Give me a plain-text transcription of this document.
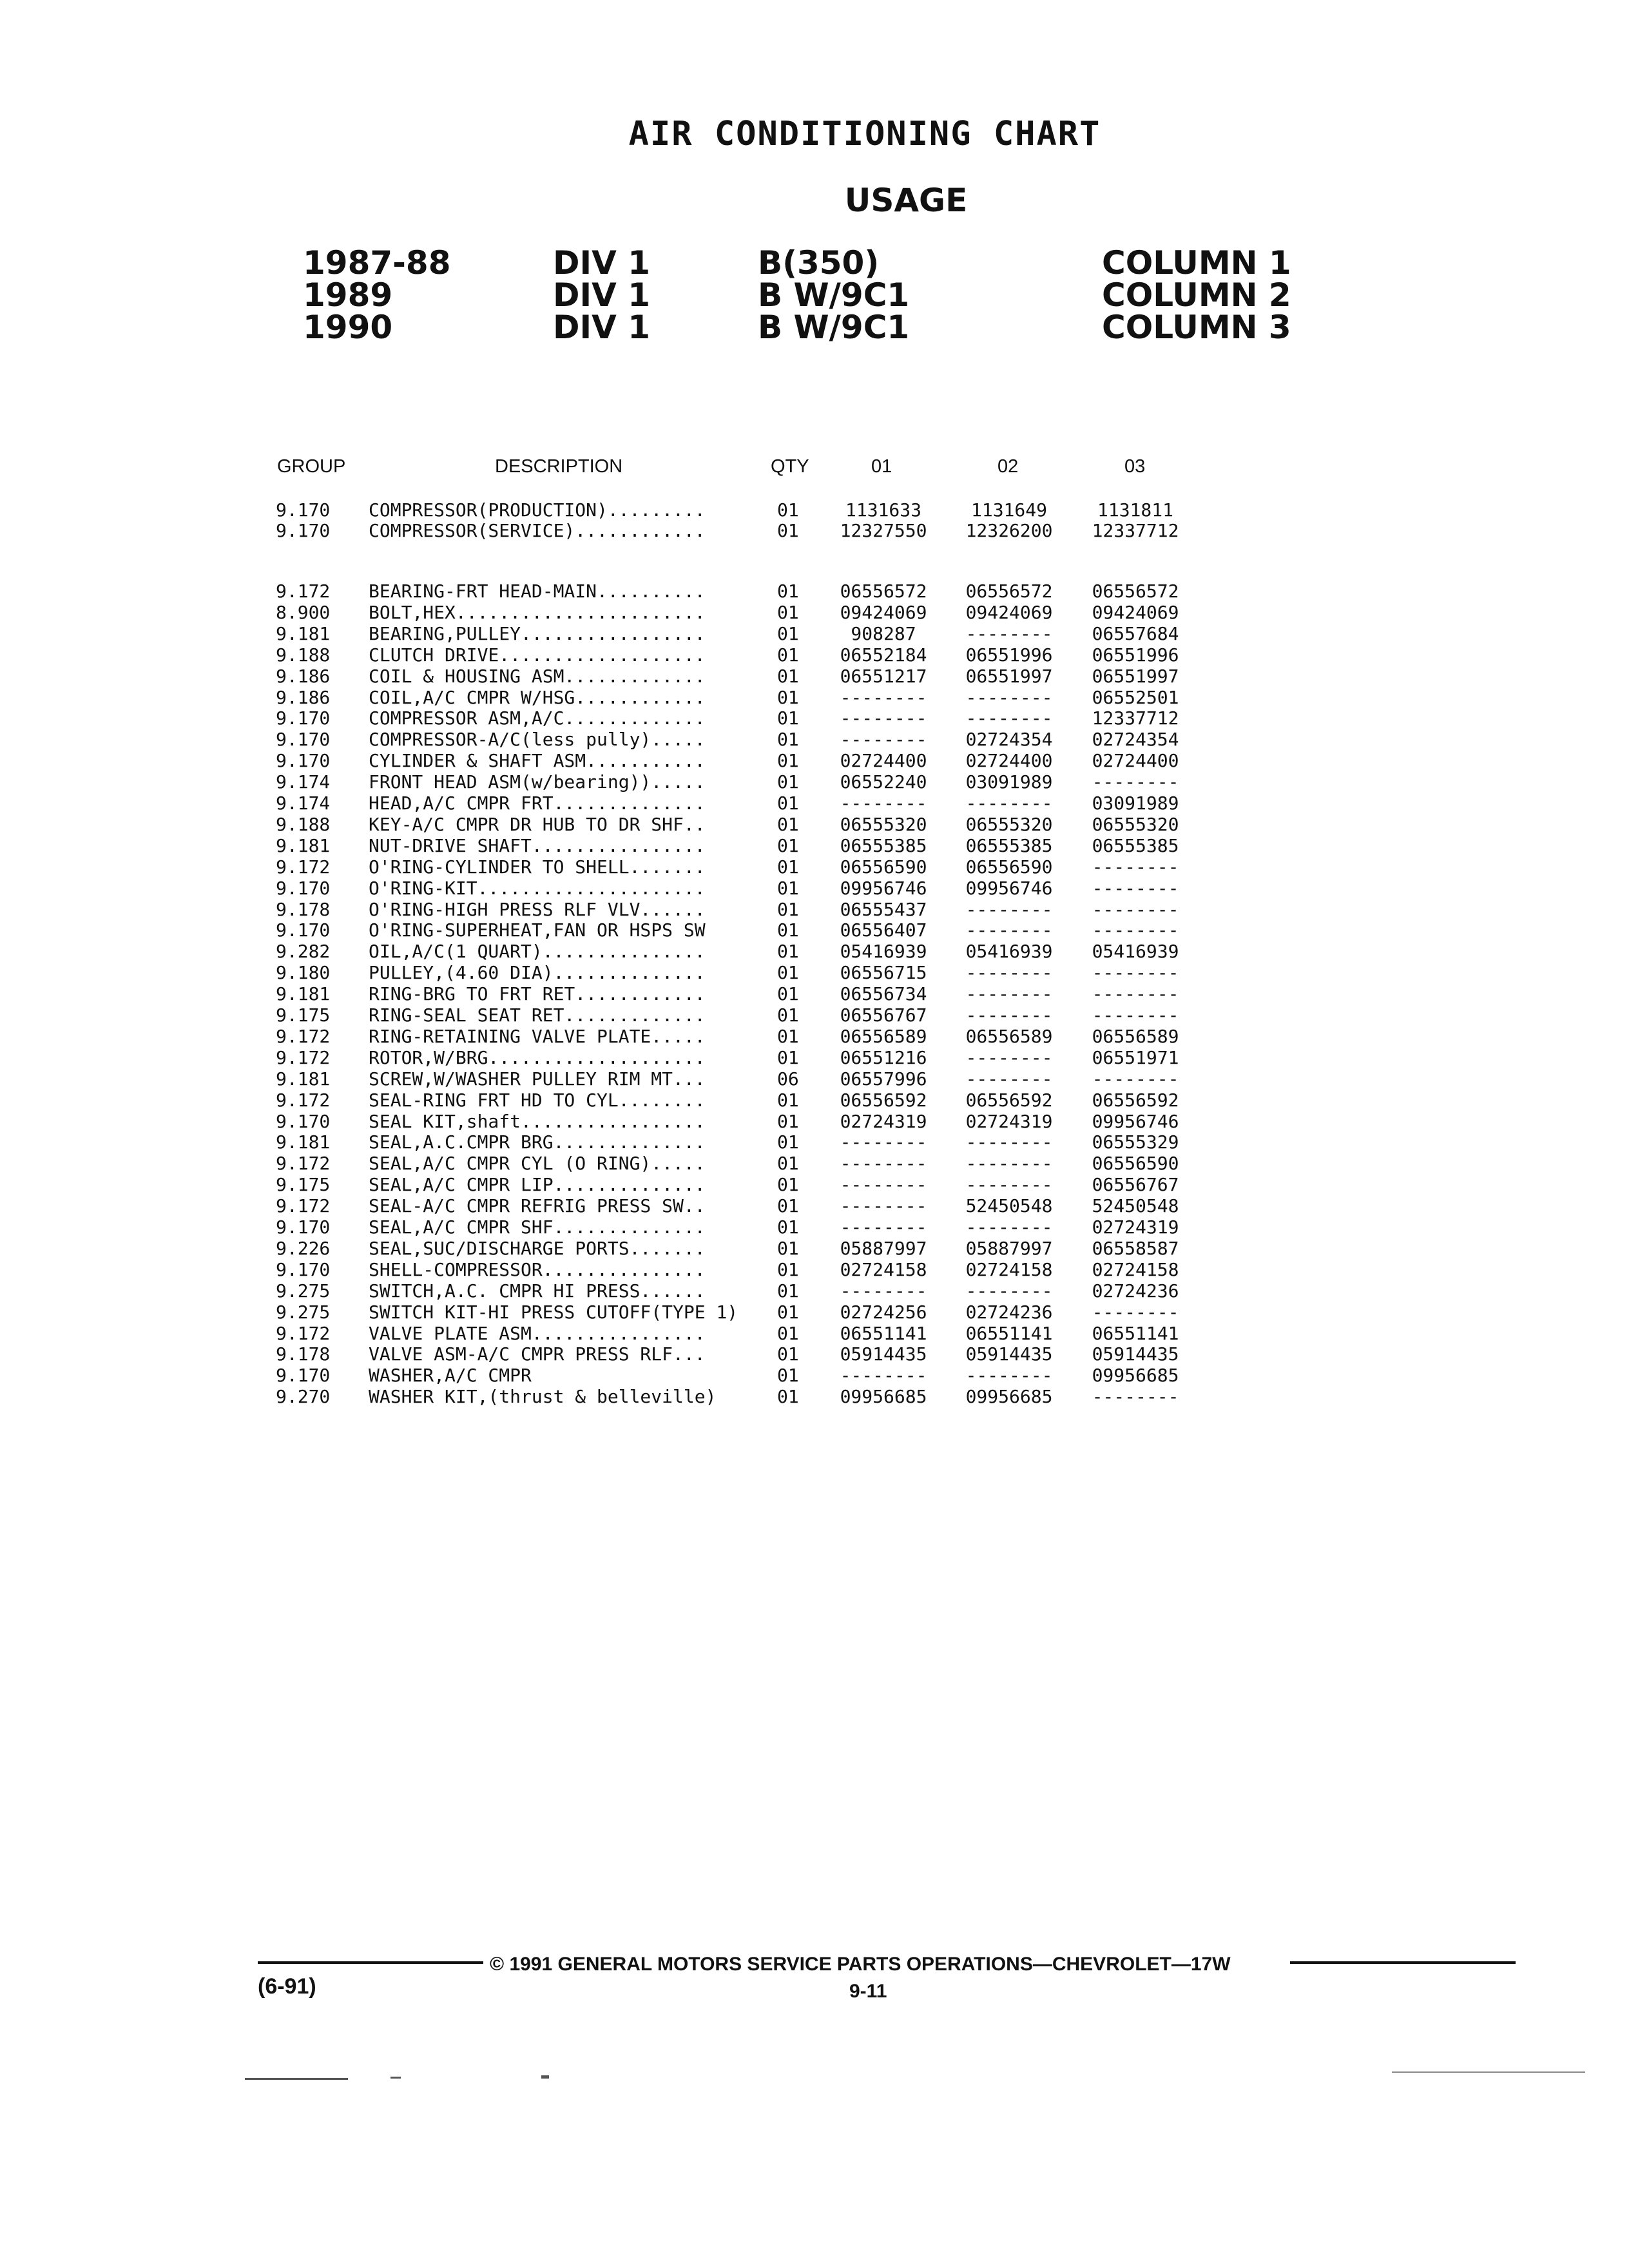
AIR CONDITIONING CHART
USAGE
1987-88	DIV 1	B(350)	COLUMN 1
1989	DIV 1	B W/9C1	COLUMN 2
1990	DIV 1	B W/9C1	COLUMN 3
GROUP	DESCRIPTION	QTY	01	02	03
9.170 COMPRESSOR(PRODUCTION).........	01	1131633	1131649	1131811
9.170 COMPRESSOR(SERVICE)............	01 12327550 12326200 12337712
9.172 BEARING-FRT HEAD-MAIN..........	01 06556572 06556572 06556572
8.900 BOLT,HEX.......................	01 09424069 09424069 09424069
9.181 BEARING,PULLEY.................	01	908287	-------- 06557684
9.188 CLUTCH DRIVE...................	01 06552184 06551996 06551996
9.186 COIL & HOUSING ASM.............	01 06551217 06551997 06551997
9.186 COIL,A/C CMPR W/HSG............	01 -------- -------- 06552501
9.170 COMPRESSOR ASM,A/C.............	01 -------- -------- 12337712
9.170 COMPRESSOR-A/C(less pully).....	01 -------- 02724354 02724354
9.170 CYLINDER & SHAFT ASM...........	01 02724400 02724400 02724400
9.174 FRONT HEAD ASM(w/bearing)).....	01 06552240 03091989 --------
9.174 HEAD,A/C CMPR FRT..............	01 -------- -------- 03091989
9.188 KEY-A/C CMPR DR HUB TO DR SHF..	01 06555320 06555320 06555320
9.181 NUT-DRIVE SHAFT................	01 06555385 06555385 06555385
9.172 O'RING-CYLINDER TO SHELL.......	01 06556590 06556590 --------
9.170 O'RING-KIT.....................	01 09956746 09956746 --------
9.178 O'RING-HIGH PRESS RLF VLV......	01 06555437 -------- --------
9.170 O'RING-SUPERHEAT,FAN OR HSPS SW	01 06556407 -------- --------
9.282 OIL,A/C(1 QUART)...............	01 05416939 05416939 05416939
9.180 PULLEY,(4.60 DIA)..............	01 06556715 -------- --------
9.181 RING-BRG TO FRT RET............	01 06556734 -------- --------
9.175 RING-SEAL SEAT RET.............	01 06556767 -------- --------
9.172 RING-RETAINING VALVE PLATE.....	01 06556589 06556589 06556589
9.172 ROTOR,W/BRG....................	01 06551216 -------- 06551971
9.181 SCREW,W/WASHER PULLEY RIM MT...	06 06557996 -------- --------
9.172 SEAL-RING FRT HD TO CYL........	01 06556592 06556592 06556592
9.170 SEAL KIT,shaft.................	01 02724319 02724319 09956746
9.181 SEAL,A.C.CMPR BRG..............	01 -------- -------- 06555329
9.172 SEAL,A/C CMPR CYL (O RING).....	01 -------- -------- 06556590
9.175 SEAL,A/C CMPR LIP..............	01 -------- -------- 06556767
9.172 SEAL-A/C CMPR REFRIG PRESS SW..	01 -------- 52450548 52450548
9.170 SEAL,A/C CMPR SHF..............	01 -------- -------- 02724319
9.226 SEAL,SUC/DISCHARGE PORTS.......	01 05887997 05887997 06558587
9.170 SHELL-COMPRESSOR...............	01 02724158 02724158 02724158
9.275 SWITCH,A.C. CMPR HI PRESS......	01 -------- -------- 02724236
9.275 SWITCH KIT-HI PRESS CUTOFF(TYPE 1)	01 02724256 02724236 --------
9.172 VALVE PLATE ASM................	01 06551141 06551141 06551141
9.178 VALVE ASM-A/C CMPR PRESS RLF...	01 05914435 05914435 05914435
9.170 WASHER,A/C CMPR	01 -------- -------- 09956685
9.270 WASHER KIT,(thrust & belleville)	01 09956685 09956685 --------
© 1991 GENERAL MOTORS SERVICE PARTS OPERATIONS—CHEVROLET—17W
(6-91)	9-11
